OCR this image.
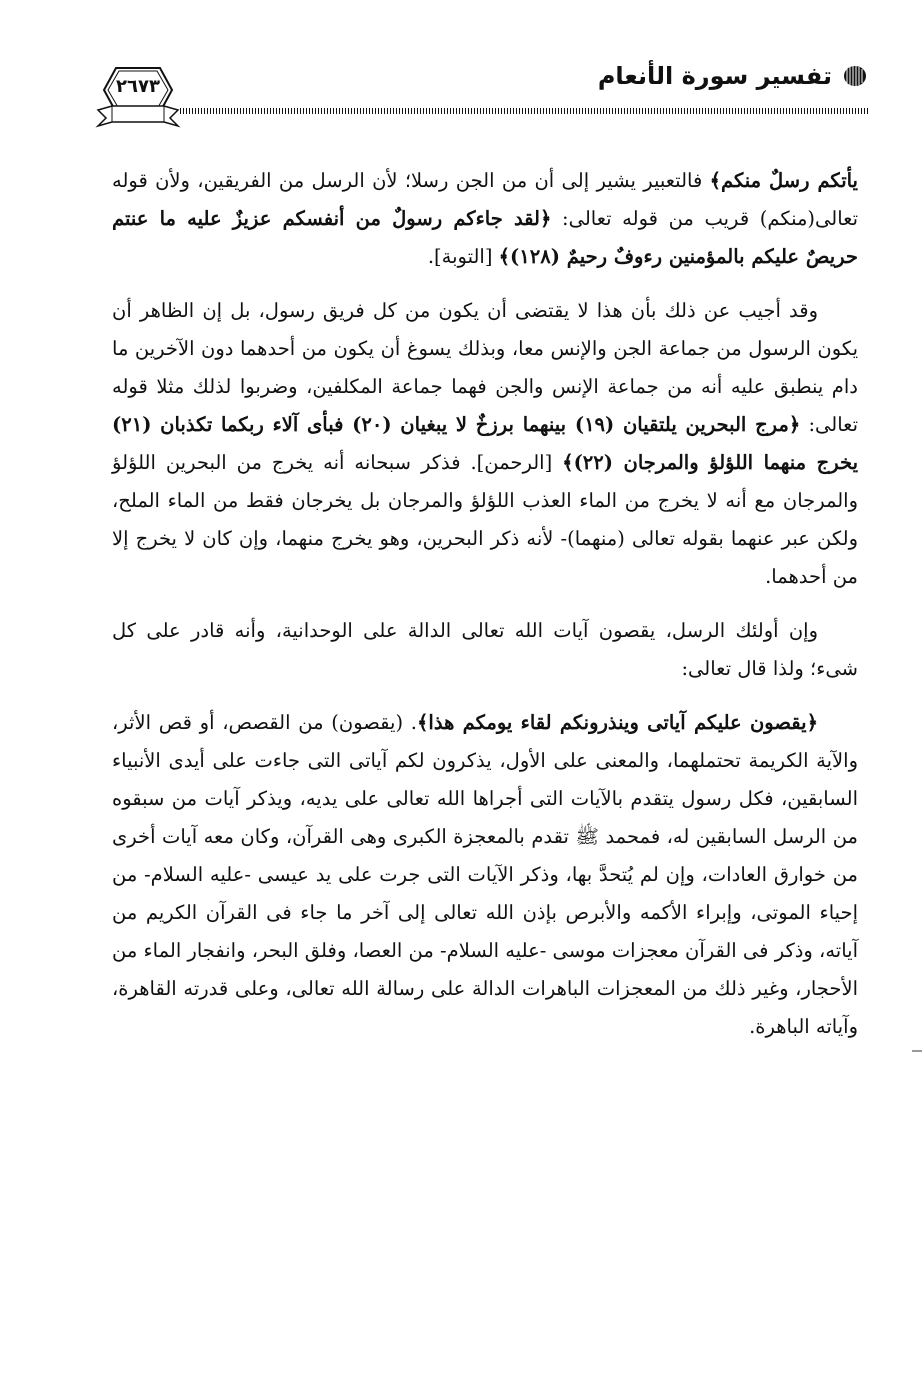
تفسير سورة الأنعام
٢٦٧٣

يأتكم رسلٌ منكم﴾ فالتعبير يشير إلى أن من الجن رسلا؛ لأن الرسل من الفريقين، ولأن قوله تعالى(منكم) قريب من قوله تعالى: ﴿لقد جاءكم رسولٌ من أنفسكم عزيزٌ عليه ما عنتم حريصٌ عليكم بالمؤمنين رءوفٌ رحيمٌ (١٢٨)﴾ [التوبة].

وقد أجيب عن ذلك بأن هذا لا يقتضى أن يكون من كل فريق رسول، بل إن الظاهر أن يكون الرسول من جماعة الجن والإنس معا، وبذلك يسوغ أن يكون من أحدهما دون الآخرين ما دام ينطبق عليه أنه من جماعة الإنس والجن فهما جماعة المكلفين، وضربوا لذلك مثلا قوله تعالى: ﴿مرج البحرين يلتقيان (١٩) بينهما برزخٌ لا يبغيان (٢٠) فبأى آلاء ربكما تكذبان (٢١) يخرج منهما اللؤلؤ والمرجان (٢٢)﴾ [الرحمن]. فذكر سبحانه أنه يخرج من البحرين اللؤلؤ والمرجان مع أنه لا يخرج من الماء العذب اللؤلؤ والمرجان بل يخرجان فقط من الماء الملح، ولكن عبر عنهما بقوله تعالى (منهما)- لأنه ذكر البحرين، وهو يخرج منهما، وإن كان لا يخرج إلا من أحدهما.

وإن أولئك الرسل، يقصون آيات الله تعالى الدالة على الوحدانية، وأنه قادر على كل شىء؛ ولذا قال تعالى:

﴿يقصون عليكم آياتى وينذرونكم لقاء يومكم هذا﴾. (يقصون) من القصص، أو قص الأثر، والآية الكريمة تحتملهما، والمعنى على الأول، يذكرون لكم آياتى التى جاءت على أيدى الأنبياء السابقين، فكل رسول يتقدم بالآيات التى أجراها الله تعالى على يديه، ويذكر آيات من سبقوه من الرسل السابقين له، فمحمد ﷺ تقدم بالمعجزة الكبرى وهى القرآن، وكان معه آيات أخرى من خوارق العادات، وإن لم يُتحدَّ بها، وذكر الآيات التى جرت على يد عيسى -عليه السلام- من إحياء الموتى، وإبراء الأكمه والأبرص بإذن الله تعالى إلى آخر ما جاء فى القرآن الكريم من آياته، وذكر فى القرآن معجزات موسى -عليه السلام- من العصا، وفلق البحر، وانفجار الماء من الأحجار، وغير ذلك من المعجزات الباهرات الدالة على رسالة الله تعالى، وعلى قدرته القاهرة، وآياته الباهرة.
